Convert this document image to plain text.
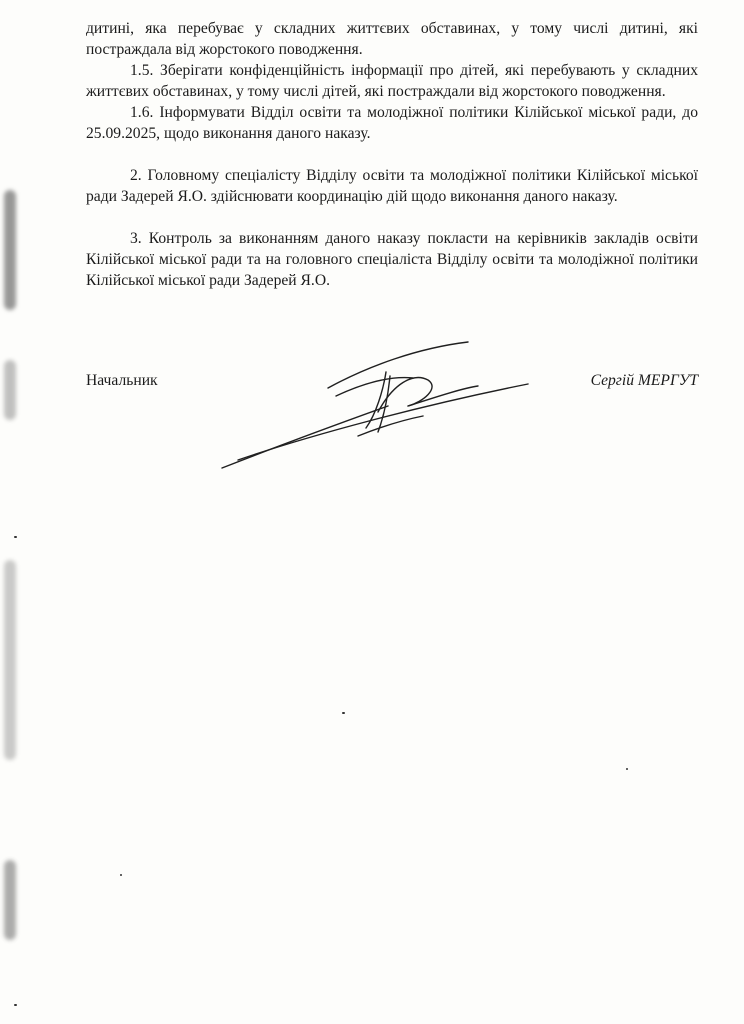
дитині, яка перебуває у складних життєвих обставинах, у тому числі дитині, які постраждала від жорстокого поводження.

1.5. Зберігати конфіденційність інформації про дітей, які перебувають у складних життєвих обставинах, у тому числі дітей, які постраждали від жорстокого поводження.

1.6. Інформувати Відділ освіти та молодіжної політики Кілійської міської ради, до 25.09.2025, щодо виконання даного наказу.

2. Головному спеціалісту Відділу освіти та молодіжної політики Кілійської міської ради Задерей Я.О. здійснювати координацію дій щодо виконання даного наказу.

3. Контроль за виконанням даного наказу покласти на керівників закладів освіти Кілійської міської ради та на головного спеціаліста Відділу освіти та молодіжної політики Кілійської міської ради Задерей Я.О.

Начальник	Сергій МЕРГУТ
